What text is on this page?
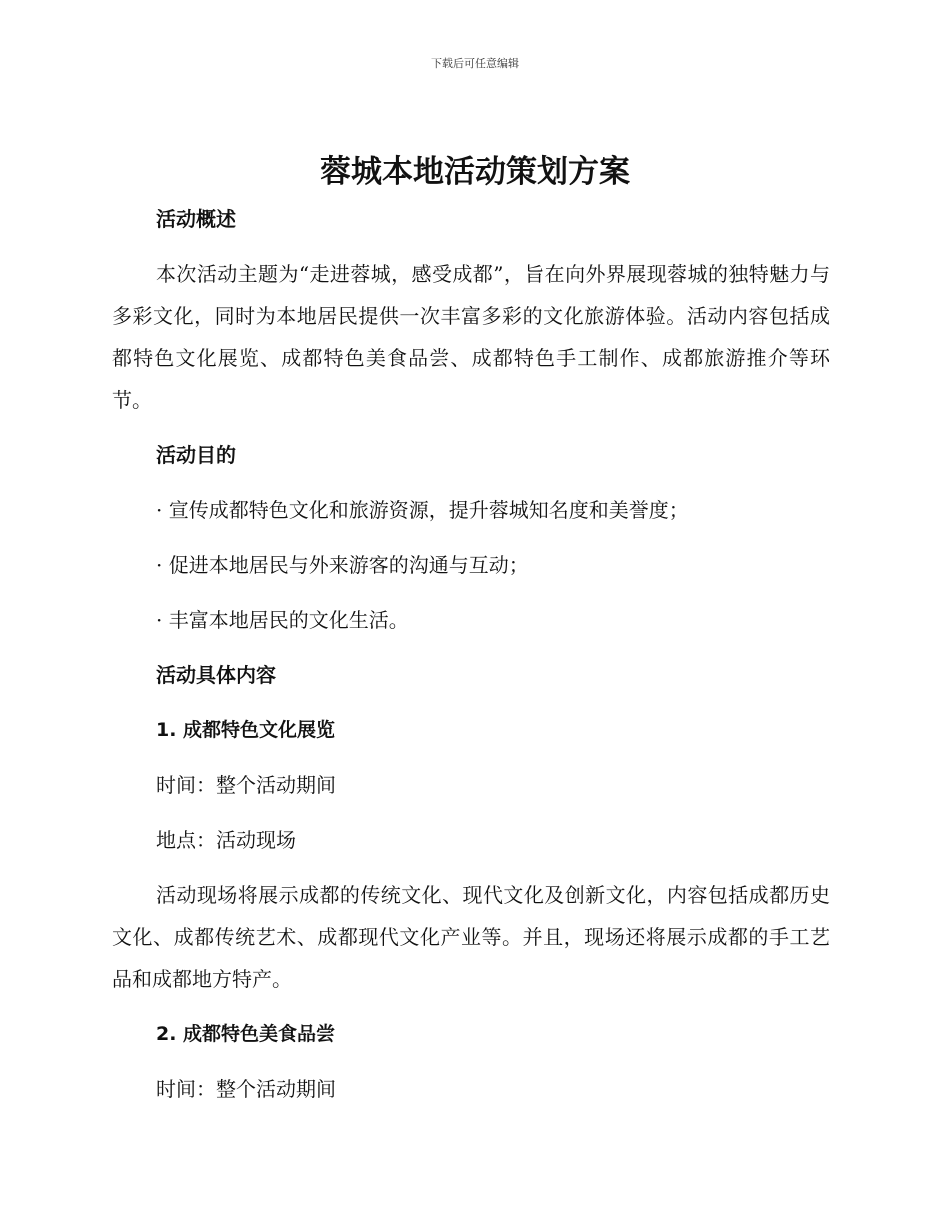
下载后可任意编辑
蓉城本地活动策划方案

活动概述

本次活动主题为“走进蓉城，感受成都”，旨在向外界展现蓉城的独特魅力与多彩文化，同时为本地居民提供一次丰富多彩的文化旅游体验。活动内容包括成都特色文化展览、成都特色美食品尝、成都特色手工制作、成都旅游推介等环节。

活动目的

· 宣传成都特色文化和旅游资源，提升蓉城知名度和美誉度；

· 促进本地居民与外来游客的沟通与互动；

· 丰富本地居民的文化生活。

活动具体内容

1. 成都特色文化展览

时间：整个活动期间

地点：活动现场

活动现场将展示成都的传统文化、现代文化及创新文化，内容包括成都历史文化、成都传统艺术、成都现代文化产业等。并且，现场还将展示成都的手工艺品和成都地方特产。

2. 成都特色美食品尝

时间：整个活动期间
